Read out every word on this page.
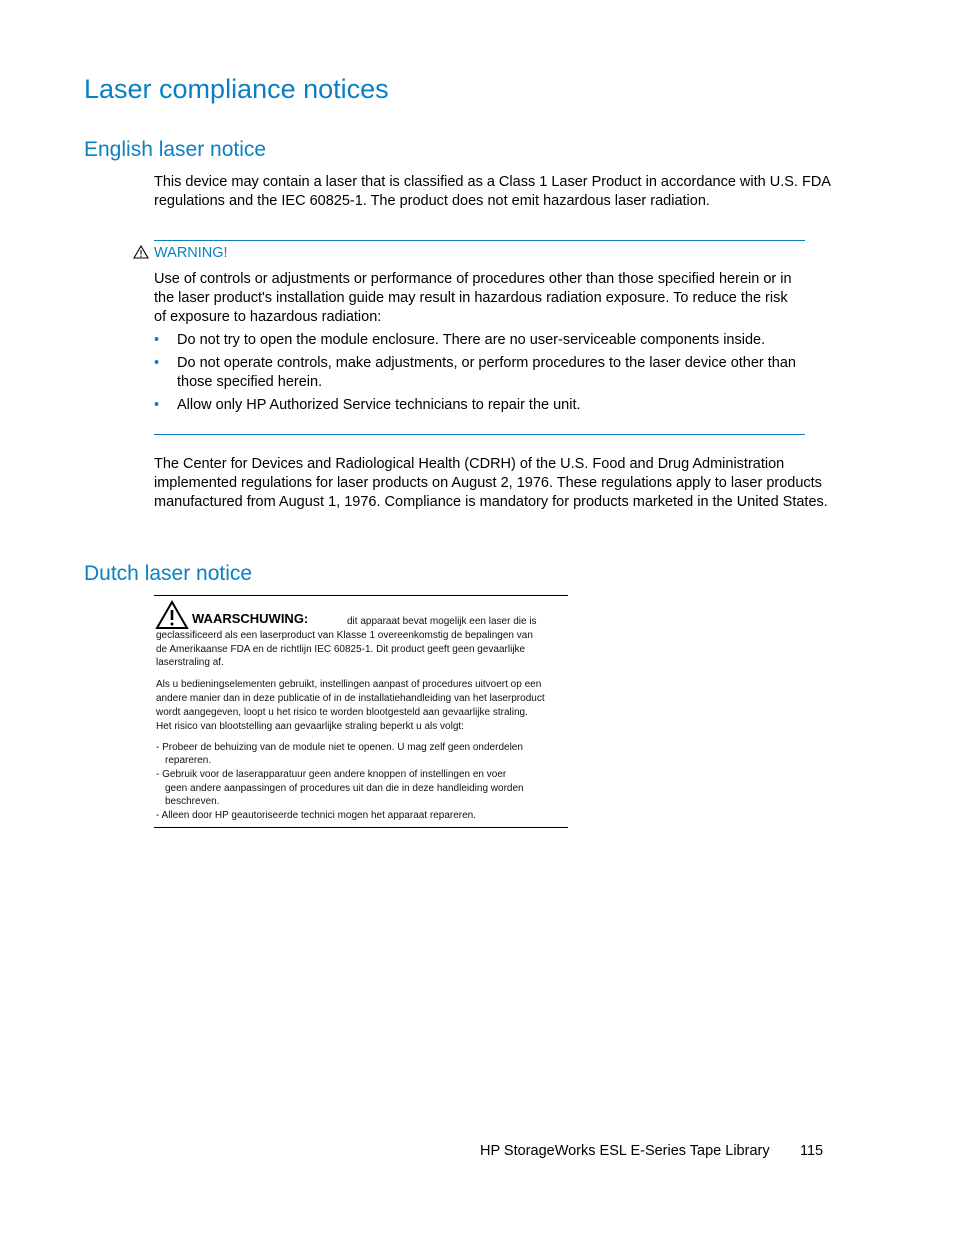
Laser compliance notices
English laser notice

This device may contain a laser that is classified as a Class 1 Laser Product in accordance with U.S. FDA regulations and the IEC 60825-1. The product does not emit hazardous laser radiation.

WARNING!

Use of controls or adjustments or performance of procedures other than those specified herein or in the laser product's installation guide may result in hazardous radiation exposure. To reduce the risk of exposure to hazardous radiation:

• Do not try to open the module enclosure. There are no user-serviceable components inside.
• Do not operate controls, make adjustments, or perform procedures to the laser device other than those specified herein.
• Allow only HP Authorized Service technicians to repair the unit.

The Center for Devices and Radiological Health (CDRH) of the U.S. Food and Drug Administration implemented regulations for laser products on August 2, 1976. These regulations apply to laser products manufactured from August 1, 1976. Compliance is mandatory for products marketed in the United States.

Dutch laser notice
WAARSCHUWING:	dit apparaat bevat mogelijk een laser die is
geclassificeerd als een laserproduct van Klasse 1 overeenkomstig de bepalingen van
de Amerikaanse FDA en de richtlijn IEC 60825-1. Dit product geeft geen gevaarlijke
laserstraling af.
Als u bedieningselementen gebruikt, instellingen aanpast of procedures uitvoert op een
andere manier dan in deze publicatie of in de installatiehandleiding van het laserproduct
wordt aangegeven, loopt u het risico te worden blootgesteld aan gevaarlijke straling.
Het risico van blootstelling aan gevaarlijke straling beperkt u als volgt:
- Probeer de behuizing van de module niet te openen. U mag zelf geen onderdelen
repareren.
- Gebruik voor de laserapparatuur geen andere knoppen of instellingen en voer
geen andere aanpassingen of procedures uit dan die in deze handleiding worden
beschreven.
- Alleen door HP geautoriseerde technici mogen het apparaat repareren.
HP StorageWorks ESL E-Series Tape Library 115
